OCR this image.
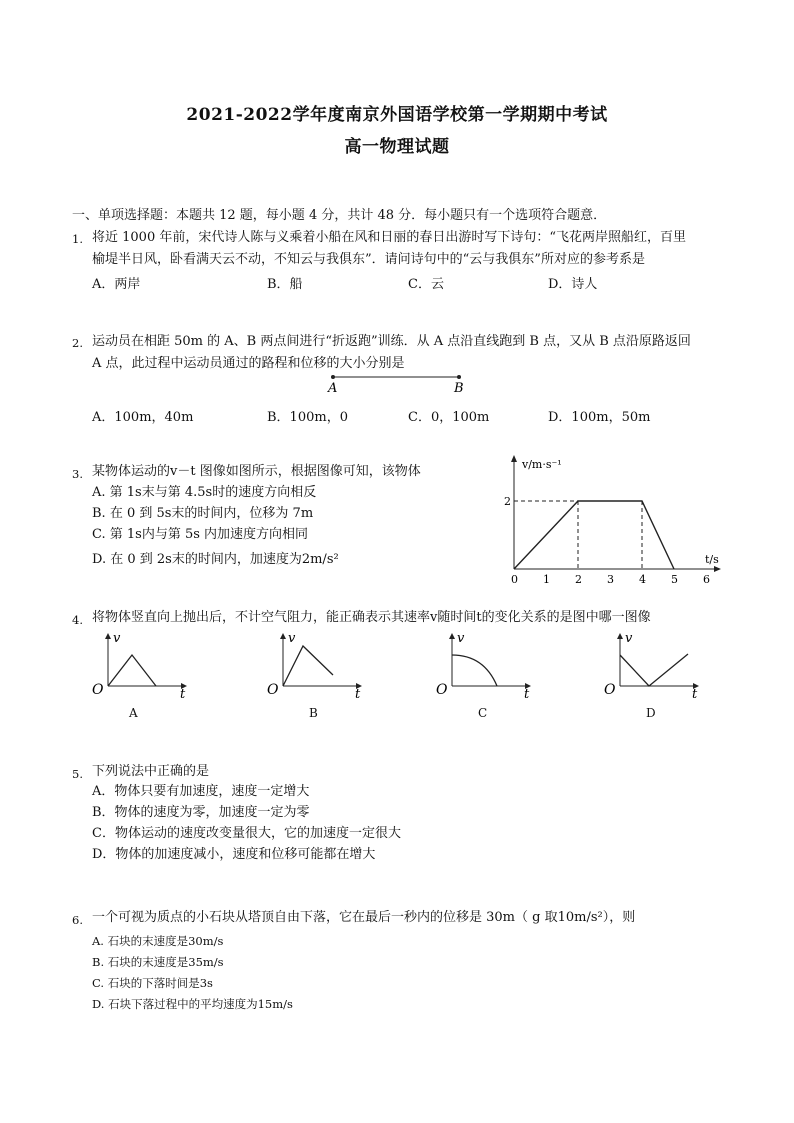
2021-2022学年度南京外国语学校第一学期期中考试
高一物理试题
一、单项选择题：本题共 12 题，每小题 4 分，共计 48 分．每小题只有一个选项符合题意．
1. 将近 1000 年前，宋代诗人陈与义乘着小船在风和日丽的春日出游时写下诗句：“飞花两岸照船红，百里
榆堤半日风，卧看满天云不动，不知云与我俱东”．请问诗句中的“云与我俱东”所对应的参考系是
A．两岸	B．船	C．云	D．诗人
2. 运动员在相距 50m 的 A、B 两点间进行“折返跑”训练．从 A 点沿直线跑到 B 点，又从 B 点沿原路返回
A 点，此过程中运动员通过的路程和位移的大小分别是
A	B
A．100m，40m	B．100m，0	C．0，100m	D．100m，50m
3. 某物体运动的v－t 图像如图所示，根据图像可知，该物体
A. 第 1s末与第 4.5s时的速度方向相反
B. 在 0 到 5s末的时间内，位移为 7m
C. 第 1s内与第 5s 内加速度方向相同
D. 在 0 到 2s末的时间内，加速度为2m/s²
v/m·s⁻¹
t/s
0 1 2 3 4 5 6
2
4. 将物体竖直向上抛出后，不计空气阻力，能正确表示其速率v随时间t的变化关系的是图中哪一图像
v
t
O
A
v
t
O
B
v
t
O
C
v
t
O
D
5. 下列说法中正确的是
A．物体只要有加速度，速度一定增大
B．物体的速度为零，加速度一定为零
C．物体运动的速度改变量很大，它的加速度一定很大
D．物体的加速度减小，速度和位移可能都在增大
6. 一个可视为质点的小石块从塔顶自由下落，它在最后一秒内的位移是 30m（ g 取10m/s²），则
A. 石块的末速度是30m/s
B. 石块的末速度是35m/s
C. 石块的下落时间是3s
D. 石块下落过程中的平均速度为15m/s
